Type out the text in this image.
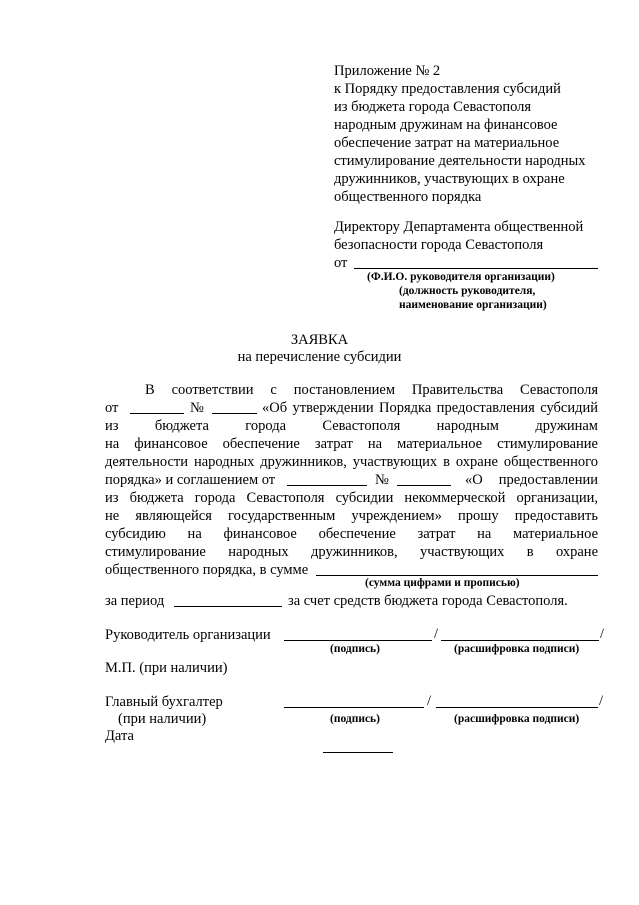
Приложение № 2
к Порядку предоставления субсидий
из бюджета города Севастополя
народным дружинам на финансовое
обеспечение затрат на материальное
стимулирование деятельности народных
дружинников, участвующих в охране
общественного порядка
Директору Департамента общественной
безопасности города Севастополя
от
(Ф.И.О. руководителя организации)
(должность руководителя,
наименование организации)
ЗАЯВКА
на перечисление субсидии
В соответствии с постановлением Правительства Севастополя
от	№	«Об утверждении Порядка предоставления субсидий
из бюджета города Севастополя народным дружинам
на финансовое обеспечение затрат на материальное стимулирование
деятельности народных дружинников, участвующих в охране общественного
порядка» и соглашением от	№	«О предоставлении
из бюджета города Севастополя субсидии некоммерческой организации,
не являющейся государственным учреждением» прошу предоставить
субсидию на финансовое обеспечение затрат на материальное
стимулирование народных дружинников, участвующих в охране
общественного порядка, в сумме
(сумма цифрами и прописью)
за период	за счет средств бюджета города Севастополя.
Руководитель организации	/	/
(подпись)	(расшифровка подписи)
М.П. (при наличии)
Главный бухгалтер	/	/
(при наличии)	(подпись)	(расшифровка подписи)
Дата
